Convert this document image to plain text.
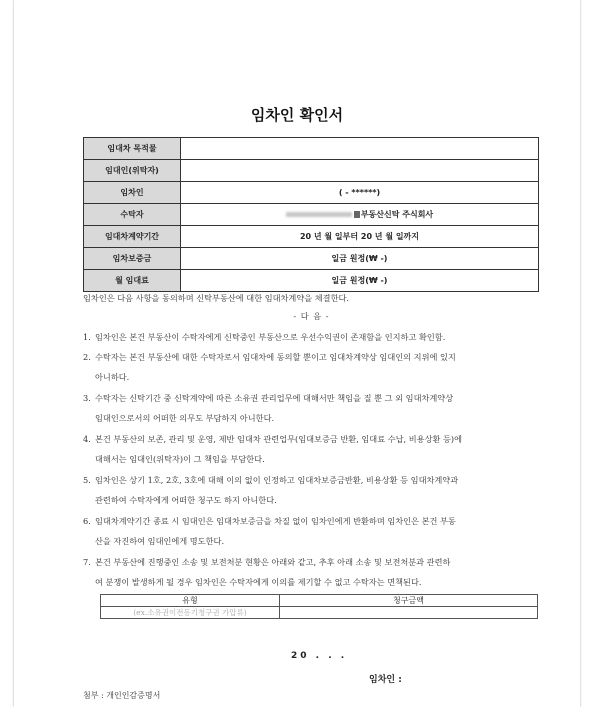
임차인 확인서
임대차 목적물	
임대인(위탁자)	
임차인	( - ******)
수탁자	부동산신탁 주식회사
임대차계약기간	20 년 월 일부터 20 년 월 일까지
임차보증금	일금 원정(₩ -)
월 임대료	일금 원정(₩ -)
임차인은 다음 사항을 동의하며 신탁부동산에 대한 임대차계약을 체결한다.
- 다 음 -
1. 임차인은 본건 부동산이 수탁자에게 신탁중인 부동산으로 우선수익권이 존재함을 인지하고 확인함.
2. 수탁자는 본건 부동산에 대한 수탁자로서 임대차에 동의할 뿐이고 임대차계약상 임대인의 지위에 있지
아니하다.
3. 수탁자는 신탁기간 중 신탁계약에 따른 소유권 관리업무에 대해서만 책임을 질 뿐 그 외 임대차계약상
임대인으로서의 어떠한 의무도 부담하지 아니한다.
4. 본건 부동산의 보존, 관리 및 운영, 제반 임대차 관련업무(임대보증금 반환, 임대료 수납, 비용상환 등)에
대해서는 임대인(위탁자)이 그 책임을 부담한다.
5. 임차인은 상기 1호, 2호, 3호에 대해 이의 없이 인정하고 임대차보증금반환, 비용상환 등 임대차계약과
관련하여 수탁자에게 어떠한 청구도 하지 아니한다.
6. 임대차계약기간 종료 시 임대인은 임대차보증금을 차질 없이 임차인에게 반환하며 임차인은 본건 부동
산을 자진하여 임대인에게 명도한다.
7. 본건 부동산에 진행중인 소송 및 보전처분 현황은 아래와 같고, 추후 아래 소송 및 보전처분과 관련하
여 분쟁이 발생하게 될 경우 임차인은 수탁자에게 이의를 제기할 수 없고 수탁자는 면책된다.
유형	청구금액
(ex.소유권이전등기청구권 가압류)	
20 . . .
임차인 :
첨부 : 개인인감증명서
